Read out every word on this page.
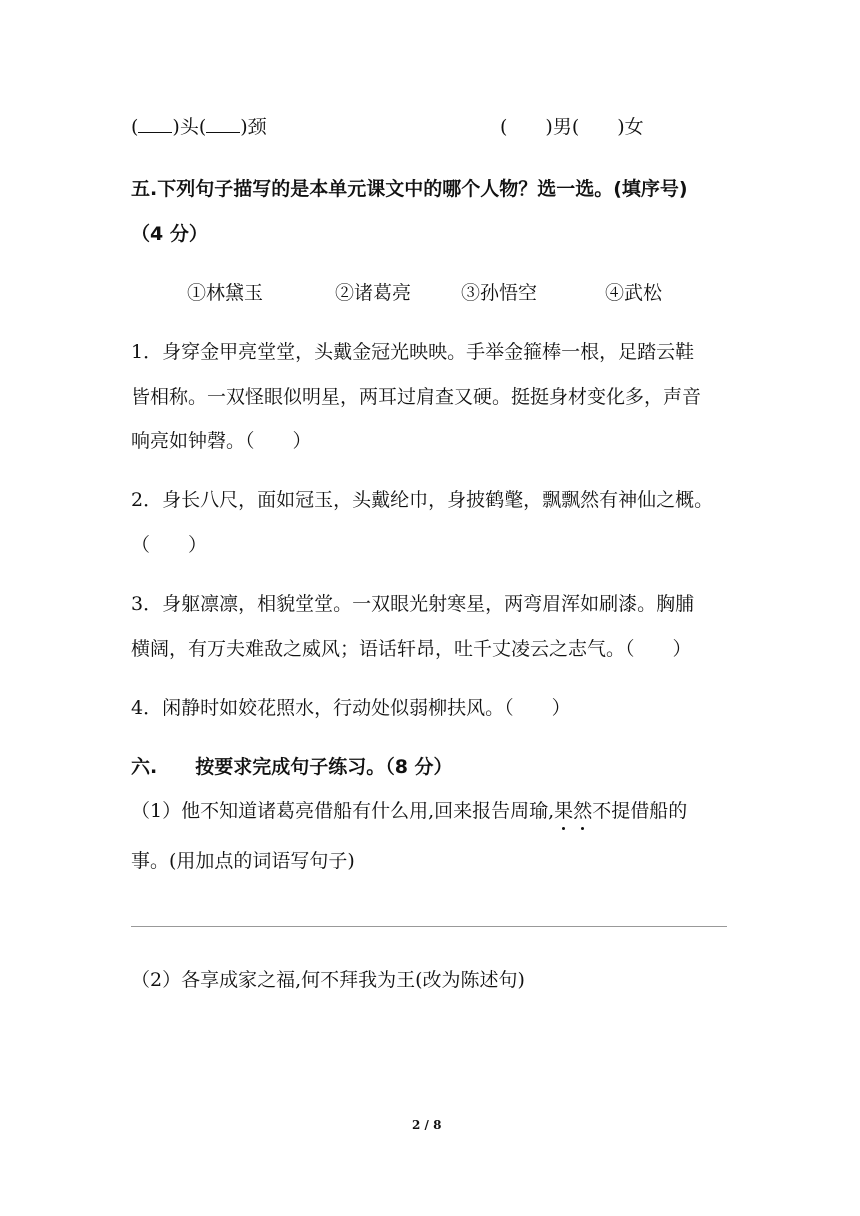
( )头( )颈	(　　)男(　　)女
五.下列句子描写的是本单元课文中的哪个人物？选一选。(填序号)
（4 分）
①林黛玉	②诸葛亮	③孙悟空	④武松
1．身穿金甲亮堂堂，头戴金冠光映映。手举金箍棒一根，足踏云鞋
皆相称。一双怪眼似明星，两耳过肩查又硬。挺挺身材变化多，声音
响亮如钟磬。（　　）
2．身长八尺，面如冠玉，头戴纶巾，身披鹤氅，飘飘然有神仙之概。
（　　）
3．身躯凛凛，相貌堂堂。一双眼光射寒星，两弯眉浑如刷漆。胸脯
横阔，有万夫难敌之威风；语话轩昂，吐千丈凌云之志气。（　　）
4．闲静时如姣花照水，行动处似弱柳扶风。（　　）
六.　　按要求完成句子练习。（8 分）
（1）他不知道诸葛亮借船有什么用,回来报告周瑜,果然不提借船的
事。(用加点的词语写句子)
（2）各享成家之福,何不拜我为王(改为陈述句)
2 / 8
